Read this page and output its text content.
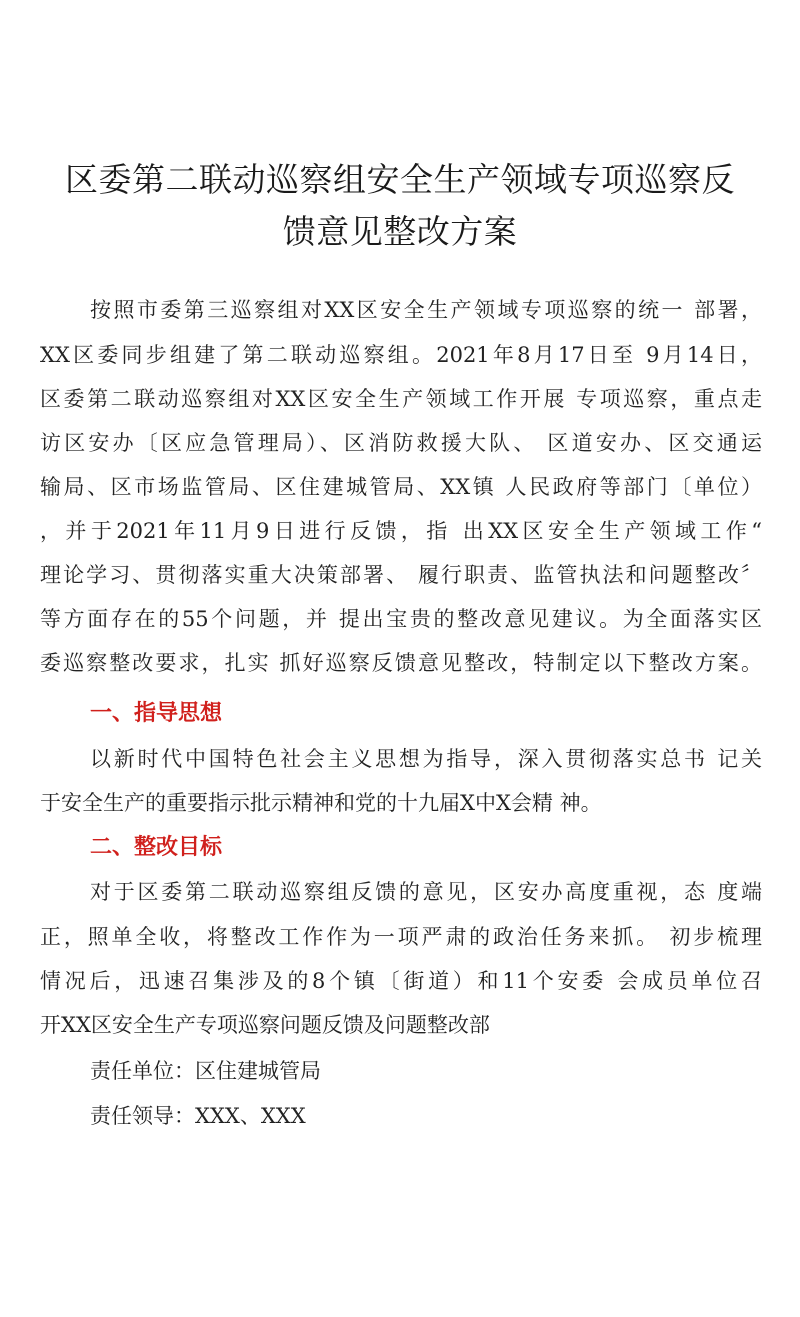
区委第二联动巡察组安全生产领域专项巡察反
馈意见整改方案
按照市委第三巡察组对XX区安全生产领域专项巡察的统一 部署，
XX区委同步组建了第二联动巡察组。2021年8月17日至 9月14日，
区委第二联动巡察组对XX区安全生产领域工作开展 专项巡察，重点走
访区安办〔区应急管理局）、区消防救援大队、 区道安办、区交通运
输局、区市场监管局、区住建城管局、XX镇 人民政府等部门〔单位）
，并于2021年11月9日进行反馈，指 出XX区安全生产领域工作“
理论学习、贯彻落实重大决策部署、 履行职责、监管执法和问题整改〞
等方面存在的55个问题，并 提出宝贵的整改意见建议。为全面落实区
委巡察整改要求，扎实 抓好巡察反馈意见整改，特制定以下整改方案。
一、指导思想
以新时代中国特色社会主义思想为指导，深入贯彻落实总书 记关
于安全生产的重要指示批示精神和党的十九届X中X会精 神。
二、整改目标
对于区委第二联动巡察组反馈的意见，区安办高度重视，态 度端
正，照单全收，将整改工作作为一项严肃的政治任务来抓。 初步梳理
情况后，迅速召集涉及的8个镇〔街道）和11个安委 会成员单位召
开XX区安全生产专项巡察问题反馈及问题整改部
责任单位：区住建城管局
责任领导：XXX、XXX
